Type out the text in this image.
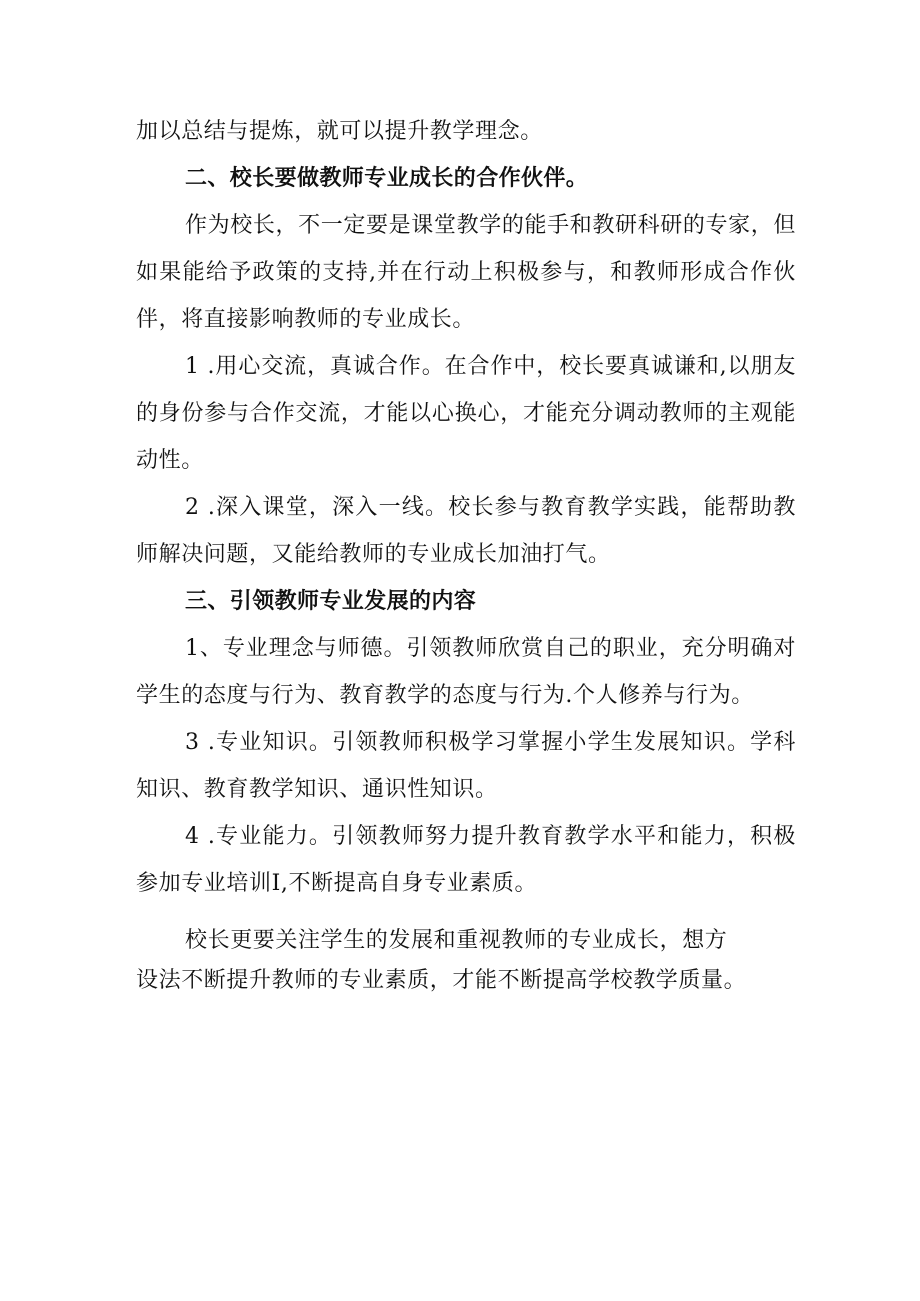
加以总结与提炼，就可以提升教学理念。

二、校长要做教师专业成长的合作伙伴。

作为校长，不一定要是课堂教学的能手和教研科研的专家，但如果能给予政策的支持,并在行动上积极参与，和教师形成合作伙伴，将直接影响教师的专业成长。

1 .用心交流，真诚合作。在合作中，校长要真诚谦和,以朋友的身份参与合作交流，才能以心换心，才能充分调动教师的主观能动性。

2 .深入课堂，深入一线。校长参与教育教学实践，能帮助教师解决问题，又能给教师的专业成长加油打气。

三、引领教师专业发展的内容

1、专业理念与师德。引领教师欣赏自己的职业，充分明确对学生的态度与行为、教育教学的态度与行为.个人修养与行为。

3 .专业知识。引领教师积极学习掌握小学生发展知识。学科知识、教育教学知识、通识性知识。

4 .专业能力。引领教师努力提升教育教学水平和能力，积极参加专业培训I,不断提高自身专业素质。

校长更要关注学生的发展和重视教师的专业成长，想方
设法不断提升教师的专业素质，才能不断提高学校教学质量。
